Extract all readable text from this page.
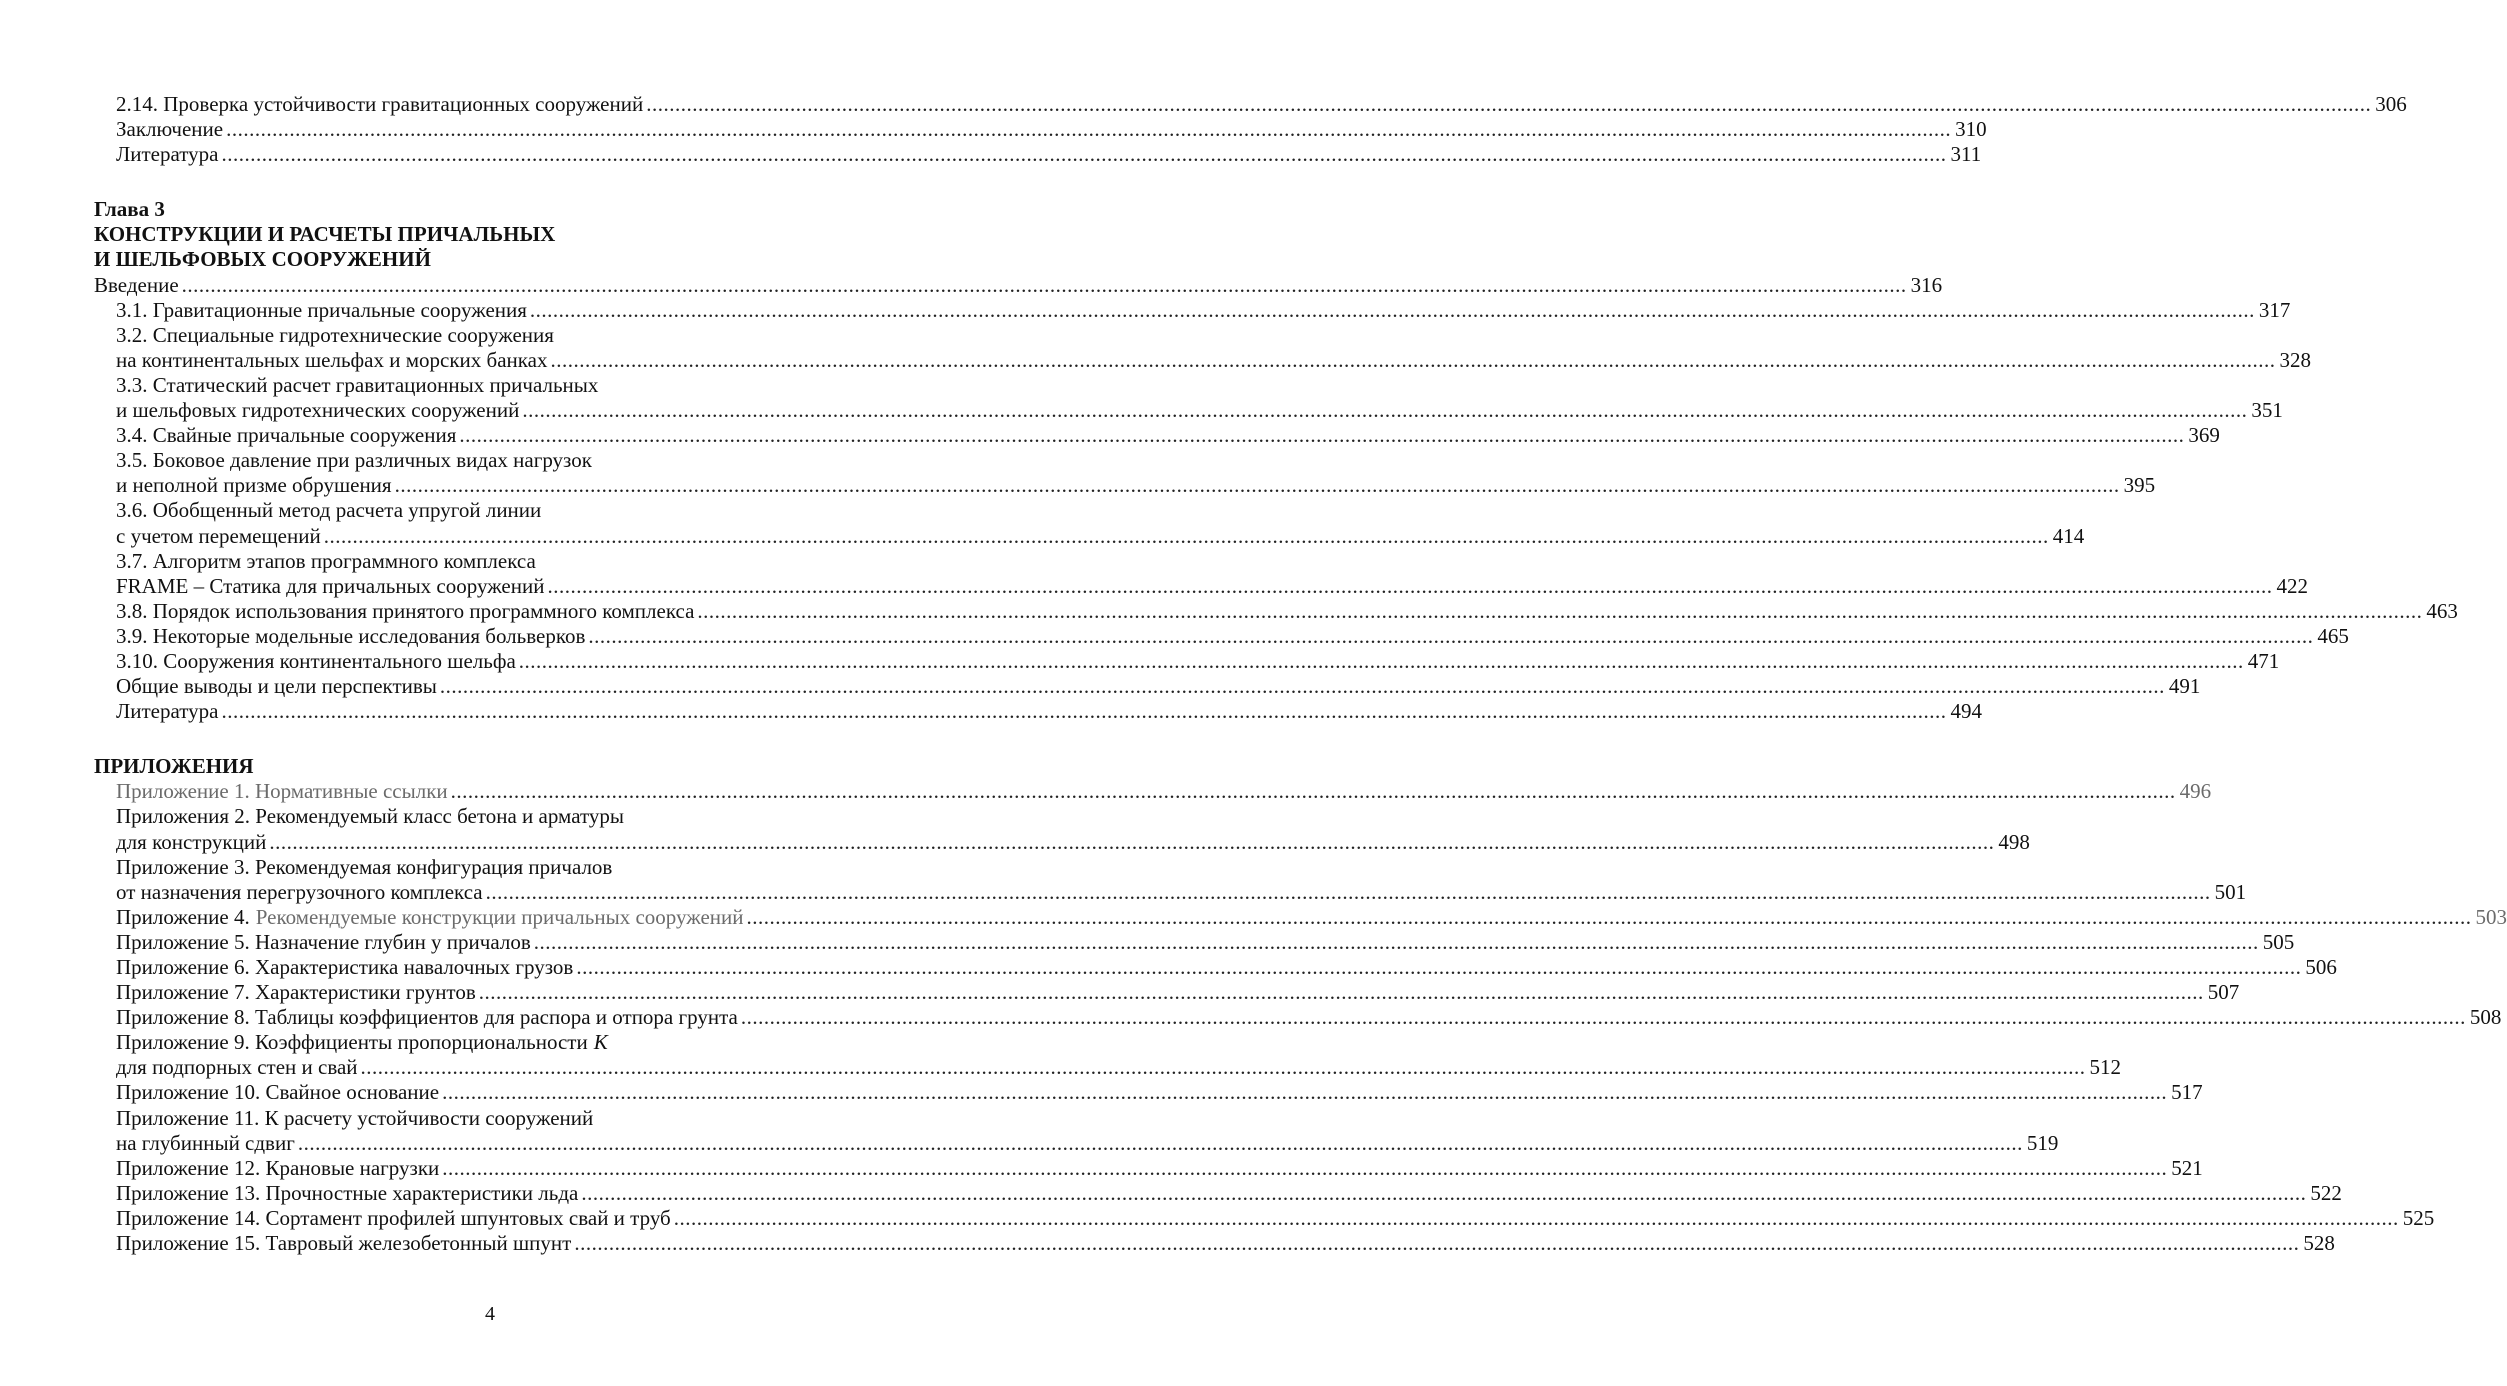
2.14. Проверка устойчивости гравитационных сооружений ............................................................................................................................................................................................................................................................................................................ 306
Заключение ............................................................................................................................................................................................................................................................................................................ 310
Литература ............................................................................................................................................................................................................................................................................................................ 311
Глава 3
КОНСТРУКЦИИ И РАСЧЕТЫ ПРИЧАЛЬНЫХ
И ШЕЛЬФОВЫХ СООРУЖЕНИЙ
Введение ............................................................................................................................................................................................................................................................................................................ 316
3.1. Гравитационные причальные сооружения ............................................................................................................................................................................................................................................................................................................ 317
3.2. Специальные гидротехнические сооружения
на континентальных шельфах и морских банках ............................................................................................................................................................................................................................................................................................................ 328
3.3. Статический расчет гравитационных причальных
и шельфовых гидротехнических сооружений ............................................................................................................................................................................................................................................................................................................ 351
3.4. Свайные причальные сооружения ............................................................................................................................................................................................................................................................................................................ 369
3.5. Боковое давление при различных видах нагрузок
и неполной призме обрушения ............................................................................................................................................................................................................................................................................................................ 395
3.6. Обобщенный метод расчета упругой линии
с учетом перемещений ............................................................................................................................................................................................................................................................................................................ 414
3.7. Алгоритм этапов программного комплекса
FRAME – Статика для причальных сооружений ............................................................................................................................................................................................................................................................................................................ 422
3.8. Порядок использования принятого программного комплекса ............................................................................................................................................................................................................................................................................................................ 463
3.9. Некоторые модельные исследования больверков ............................................................................................................................................................................................................................................................................................................ 465
3.10. Сооружения континентального шельфа ............................................................................................................................................................................................................................................................................................................ 471
Общие выводы и цели перспективы ............................................................................................................................................................................................................................................................................................................ 491
Литература ............................................................................................................................................................................................................................................................................................................ 494
ПРИЛОЖЕНИЯ
Приложение 1. Нормативные ссылки ............................................................................................................................................................................................................................................................................................................ 496
Приложения 2. Рекомендуемый класс бетона и арматуры
для конструкций ............................................................................................................................................................................................................................................................................................................ 498
Приложение 3. Рекомендуемая конфигурация причалов
от назначения перегрузочного комплекса ............................................................................................................................................................................................................................................................................................................ 501
Приложение 4. Рекомендуемые конструкции причальных сооружений ............................................................................................................................................................................................................................................................................................................ 503
Приложение 5. Назначение глубин у причалов ............................................................................................................................................................................................................................................................................................................ 505
Приложение 6. Характеристика навалочных грузов ............................................................................................................................................................................................................................................................................................................ 506
Приложение 7. Характеристики грунтов ............................................................................................................................................................................................................................................................................................................ 507
Приложение 8. Таблицы коэффициентов для распора и отпора грунта ............................................................................................................................................................................................................................................................................................................ 508
Приложение 9. Коэффициенты пропорциональности K
для подпорных стен и свай ............................................................................................................................................................................................................................................................................................................ 512
Приложение 10. Свайное основание ............................................................................................................................................................................................................................................................................................................ 517
Приложение 11. К расчету устойчивости сооружений
на глубинный сдвиг ............................................................................................................................................................................................................................................................................................................ 519
Приложение 12. Крановые нагрузки ............................................................................................................................................................................................................................................................................................................ 521
Приложение 13. Прочностные характеристики льда ............................................................................................................................................................................................................................................................................................................ 522
Приложение 14. Сортамент профилей шпунтовых свай и труб ............................................................................................................................................................................................................................................................................................................ 525
Приложение 15. Тавровый железобетонный шпунт ............................................................................................................................................................................................................................................................................................................ 528
4
